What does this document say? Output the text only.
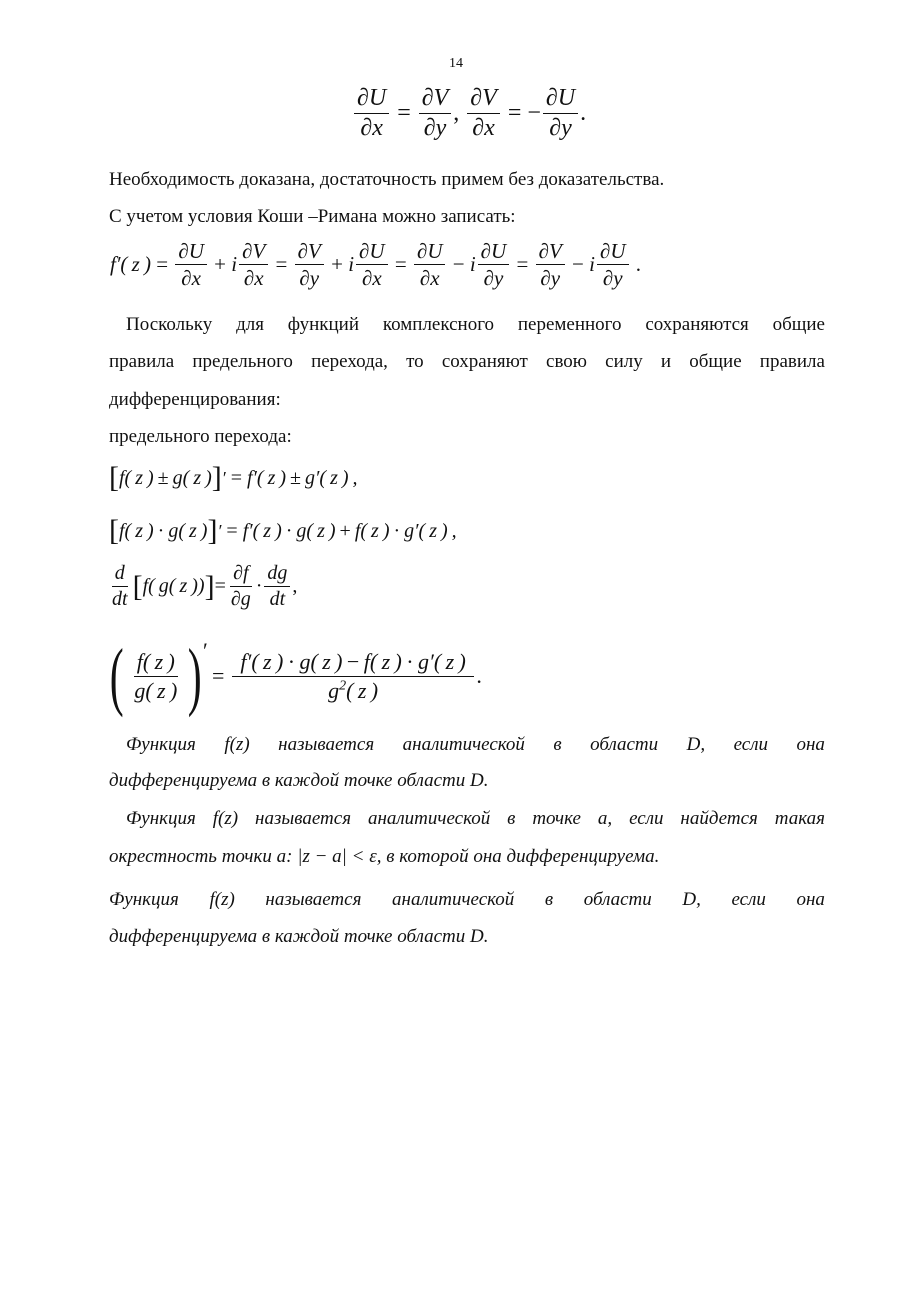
14
$\frac{\partial U}{\partial x} = \frac{\partial V}{\partial y}$ , $\frac{\partial V}{\partial x}$ = − $\frac{\partial U}{\partial y}$ .
Необходимость доказана, достаточность примем без доказательства.
С учетом условия Коши –Римана можно записать:
f′( z ) = $\frac{\partial U}{\partial x} + i \frac{\partial V}{\partial x} = \frac{\partial V}{\partial y} + i \frac{\partial U}{\partial x} = \frac{\partial U}{\partial x} - i \frac{\partial U}{\partial y} = \frac{\partial V}{\partial y} - i$
∂U
∂y
.
Поскольку для функций комплексного переменного сохраняются общие
правила предельного перехода, то сохраняют свою силу и общие правила
дифференцирования:
предельного перехода:
[ f( z ) ± g( z ) ] ′ = f′( z ) ± g′( z ) ,
[ f( z ) · g( z ) ] ′ = f′( z ) · g( z ) + f( z ) · g′( z ) ,
d
dt [ f( g( z )) ] = $\frac{\partial f}{\partial g}$ ·
dg
dt
,
( f( z )
g( z ) ) ′
= $\frac{f'( z ) \cdot g( z ) - f( z ) \cdot g'( z )}{g^2( z )}$ .
Функция f(z) называется аналитической в области D, если она
дифференцируема в каждой точке области D.
Функция f(z) называется аналитической в точке a, если найдется такая
окрестность точки a: |z − a| < ε, в которой она дифференцируема.
Функция f(z) называется аналитической в области D, если она
дифференцируема в каждой точке области D.
